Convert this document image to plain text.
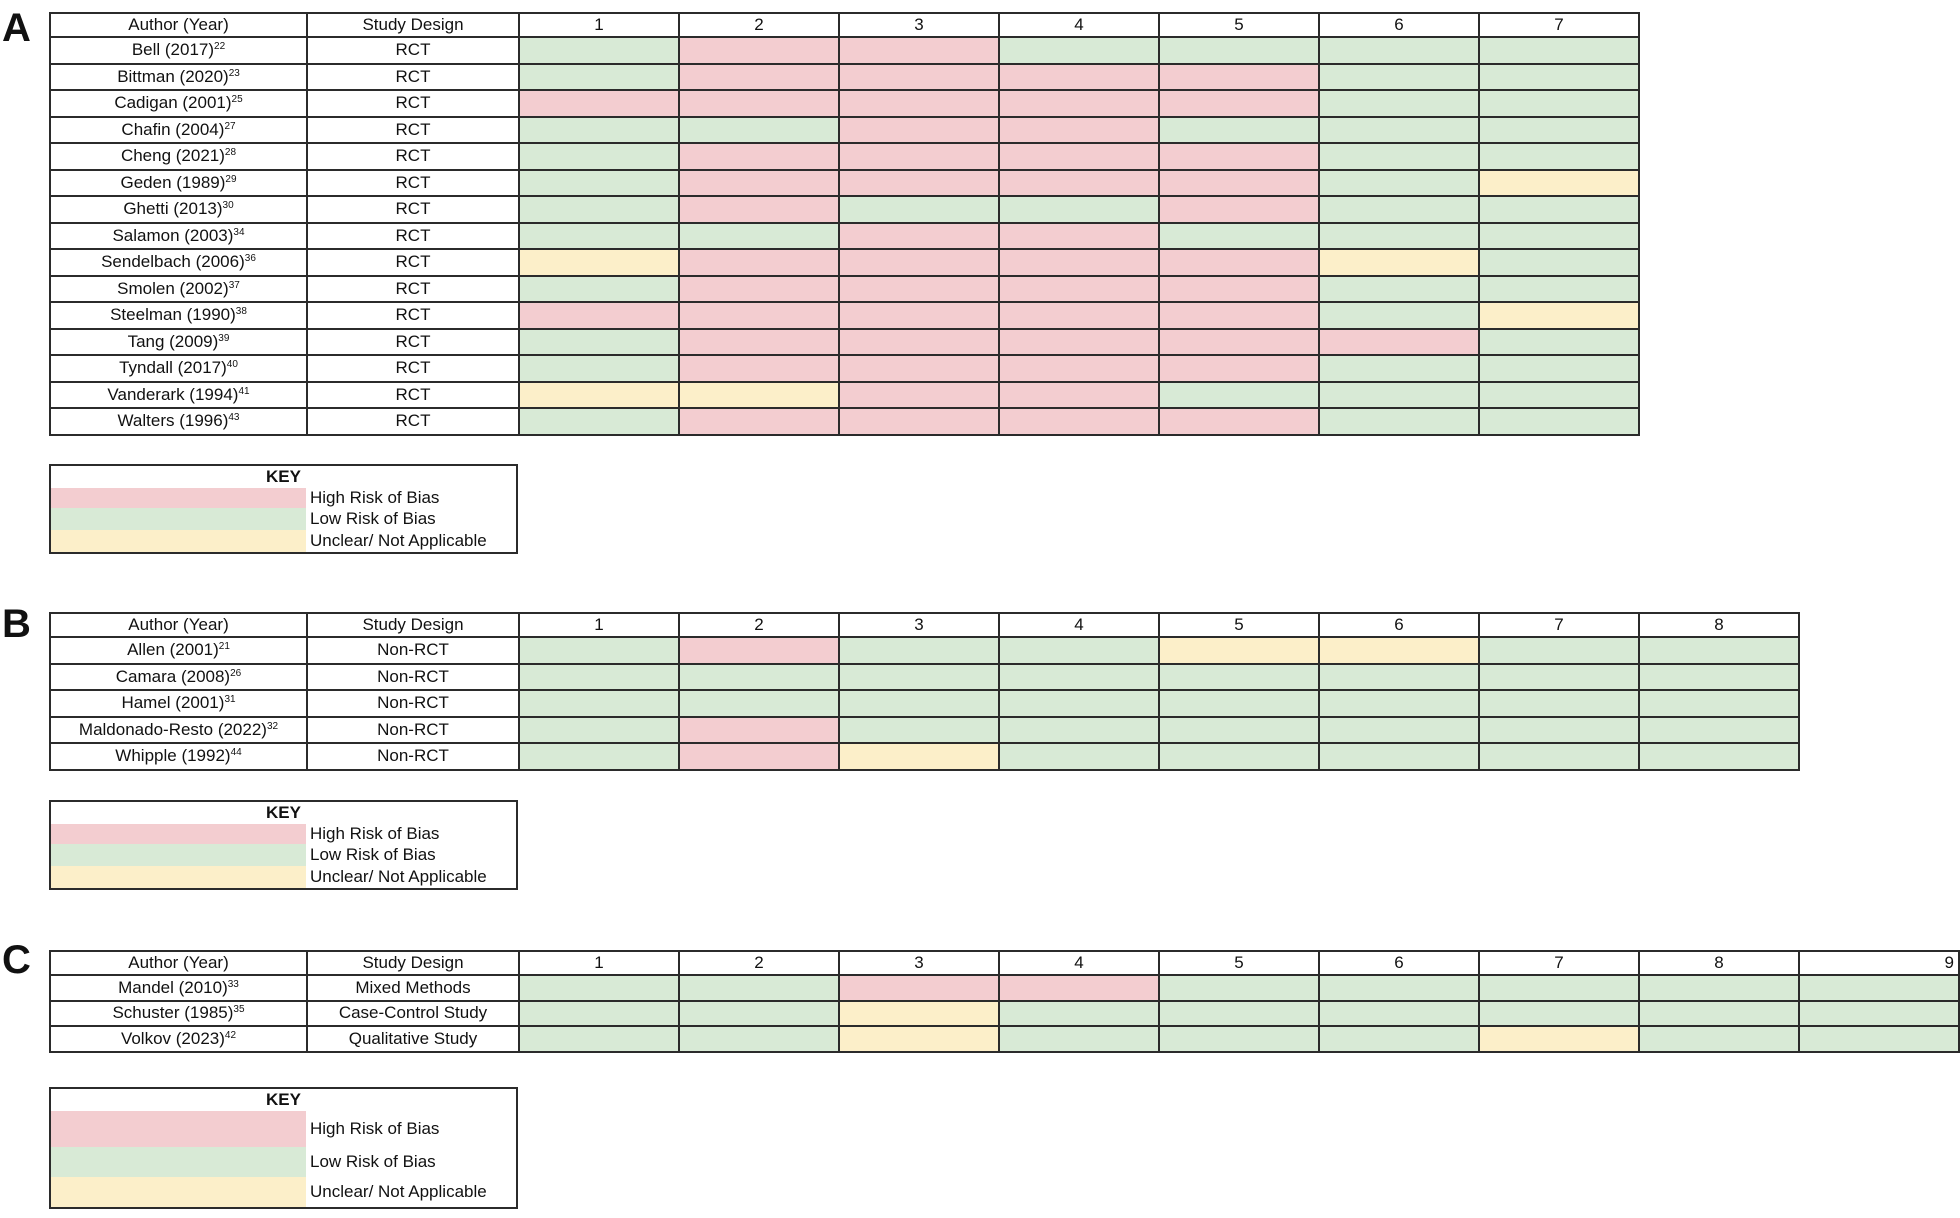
A	Author (Year)	Study Design	1	2	3	4	5	6	7
Bell $(2017)^{22}$	RCT							
Bittman $(2020)^{23}$	RCT							
Cadigan $(2001)^{25}$	RCT							
Chafin $(2004)^{27}$	RCT							
Cheng $(2021)^{28}$	RCT							
Geden $(1989)^{29}$	RCT							
Ghetti $(2013)^{30}$	RCT							
Salamon $(2003)^{34}$	RCT							
Sendelbach $(2006)^{36}$	RCT							
Smolen $(2002)^{37}$	RCT							
Steelman $(1990)^{38}$	RCT							
Tang $(2009)^{39}$	RCT							
Tyndall $(2017)^{40}$	RCT							
Vanderark $(1994)^{41}$	RCT							
Walters $(1996)^{43}$	RCT							
KEY
High Risk of Bias
Low Risk of Bias
Unclear/ Not Applicable
B	Author (Year)	Study Design	1	2	3	4	5	6	7	8
Allen $(2001)^{21}$	Non-RCT								
Camara $(2008)^{26}$	Non-RCT								
Hamel $(2001)^{31}$	Non-RCT								
Maldonado-Resto $(2022)^{32}$	Non-RCT								
Whipple $(1992)^{44}$	Non-RCT								
KEY
High Risk of Bias
Low Risk of Bias
Unclear/ Not Applicable
C	Author (Year)	Study Design	1	2	3	4	5	6	7	8	9
Mandel $(2010)^{33}$	Mixed Methods									
Schuster $(1985)^{35}$	Case-Control Study									
Volkov $(2023)^{42}$	Qualitative Study									
KEY
High Risk of Bias
Low Risk of Bias
Unclear/ Not Applicable
